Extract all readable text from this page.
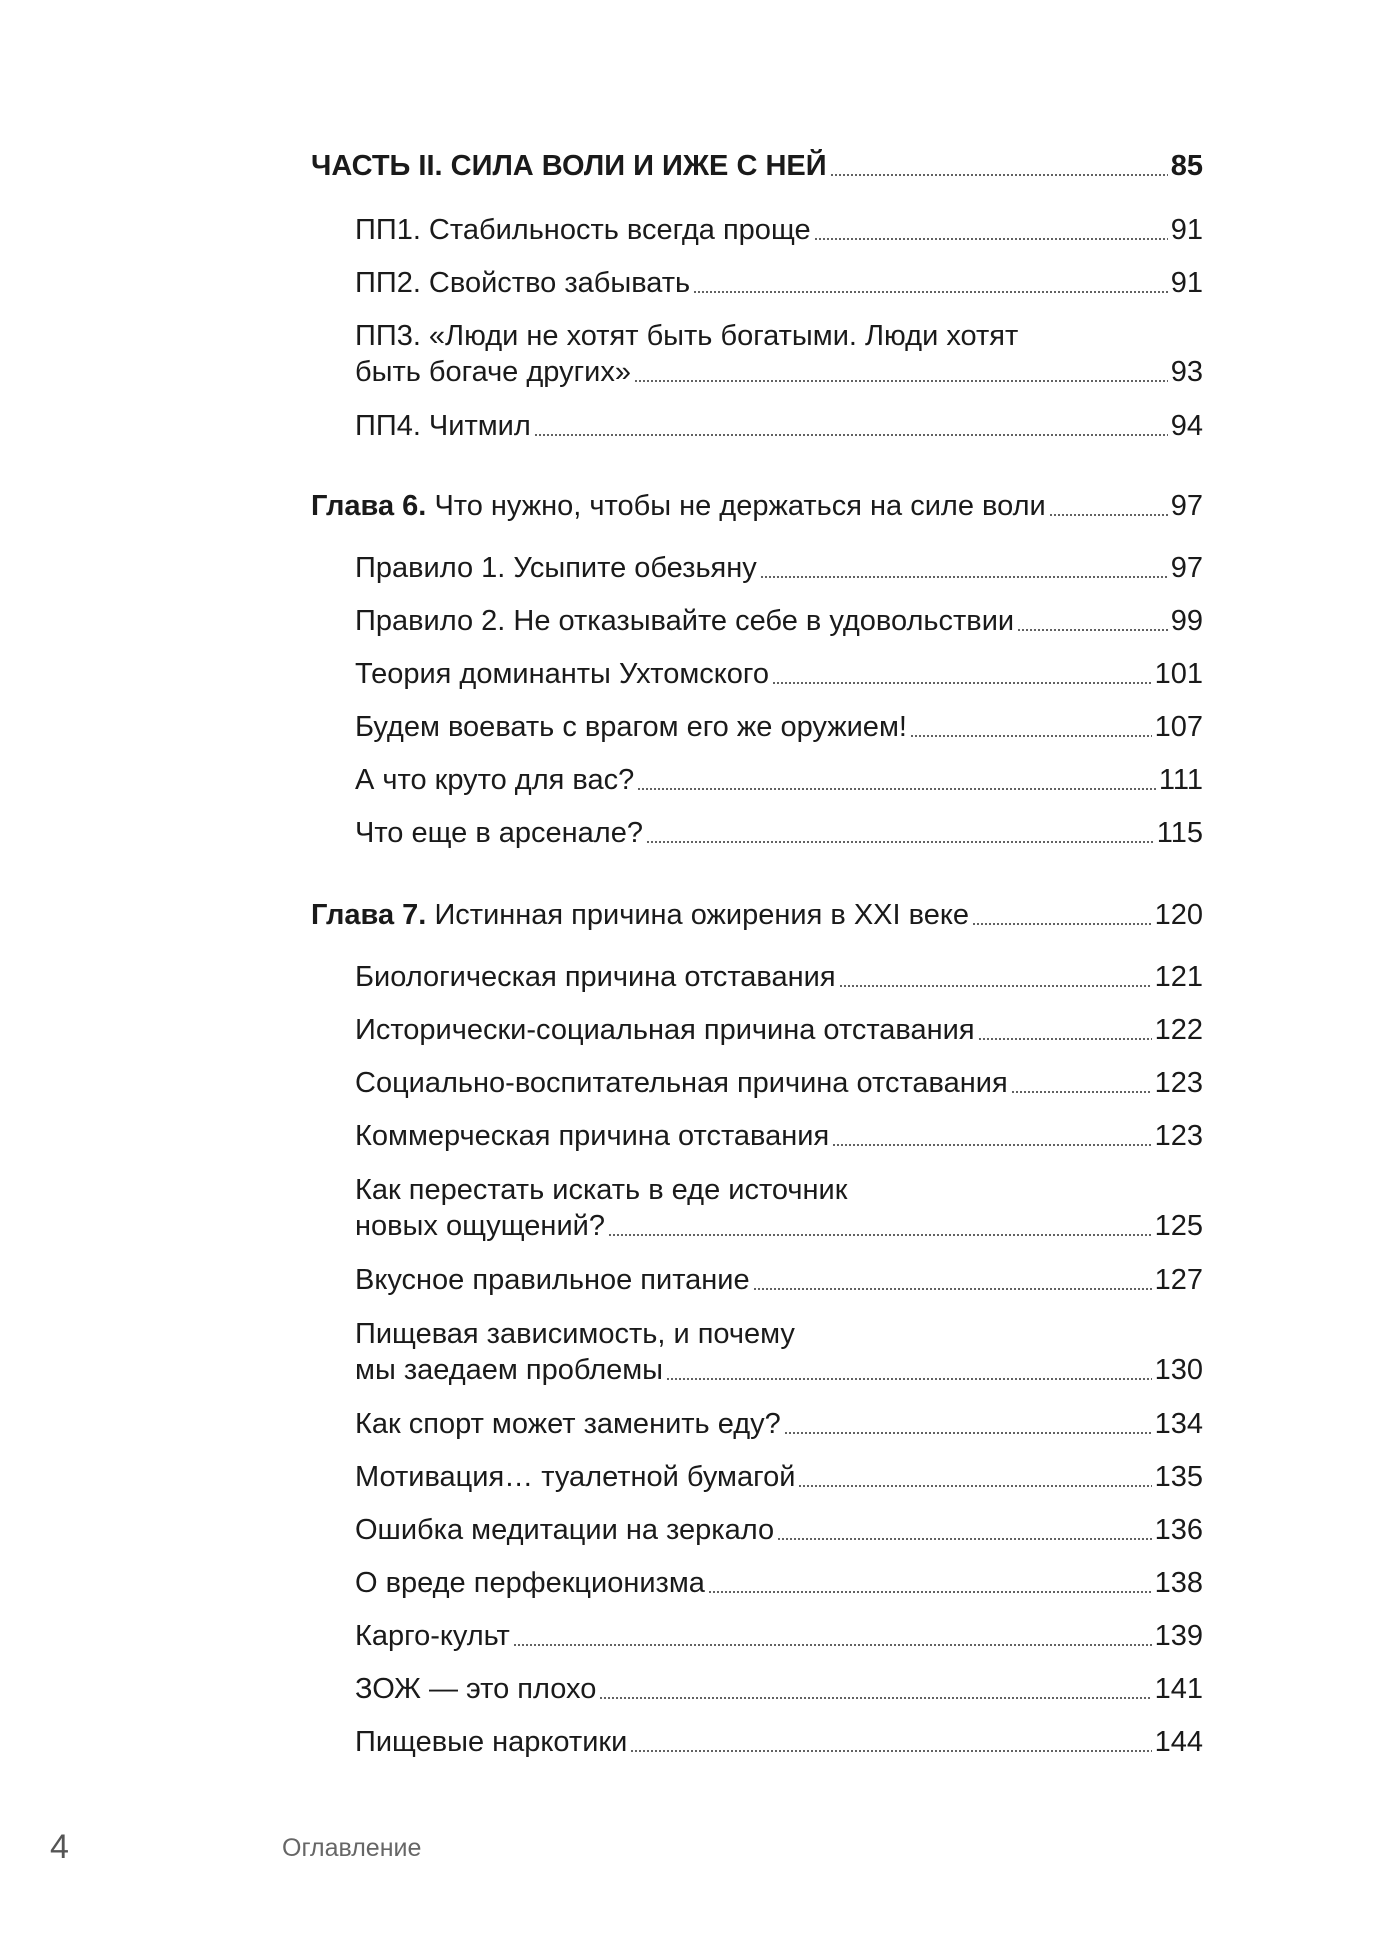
ЧАСТЬ II. СИЛА ВОЛИ И ИЖЕ С НЕЙ	85
ПП1. Стабильность всегда проще	91
ПП2. Свойство забывать	91
ПП3. «Люди не хотят быть богатыми. Люди хотят
быть богаче других»	93
ПП4. Читмил	94
Глава 6. Что нужно, чтобы не держаться на силе воли	97
Правило 1. Усыпите обезьяну	97
Правило 2. Не отказывайте себе в удовольствии	99
Теория доминанты Ухтомского	101
Будем воевать с врагом его же оружием!	107
А что круто для вас?	111
Что еще в арсенале?	115
Глава 7. Истинная причина ожирения в XXI веке	120
Биологическая причина отставания	121
Исторически-социальная причина отставания	122
Социально-воспитательная причина отставания	123
Коммерческая причина отставания	123
Как перестать искать в еде источник
новых ощущений?	125
Вкусное правильное питание	127
Пищевая зависимость, и почему
мы заедаем проблемы	130
Как спорт может заменить еду?	134
Мотивация… туалетной бумагой	135
Ошибка медитации на зеркало	136
О вреде перфекционизма	138
Карго-культ	139
ЗОЖ — это плохо	141
Пищевые наркотики	144
4	Оглавление
